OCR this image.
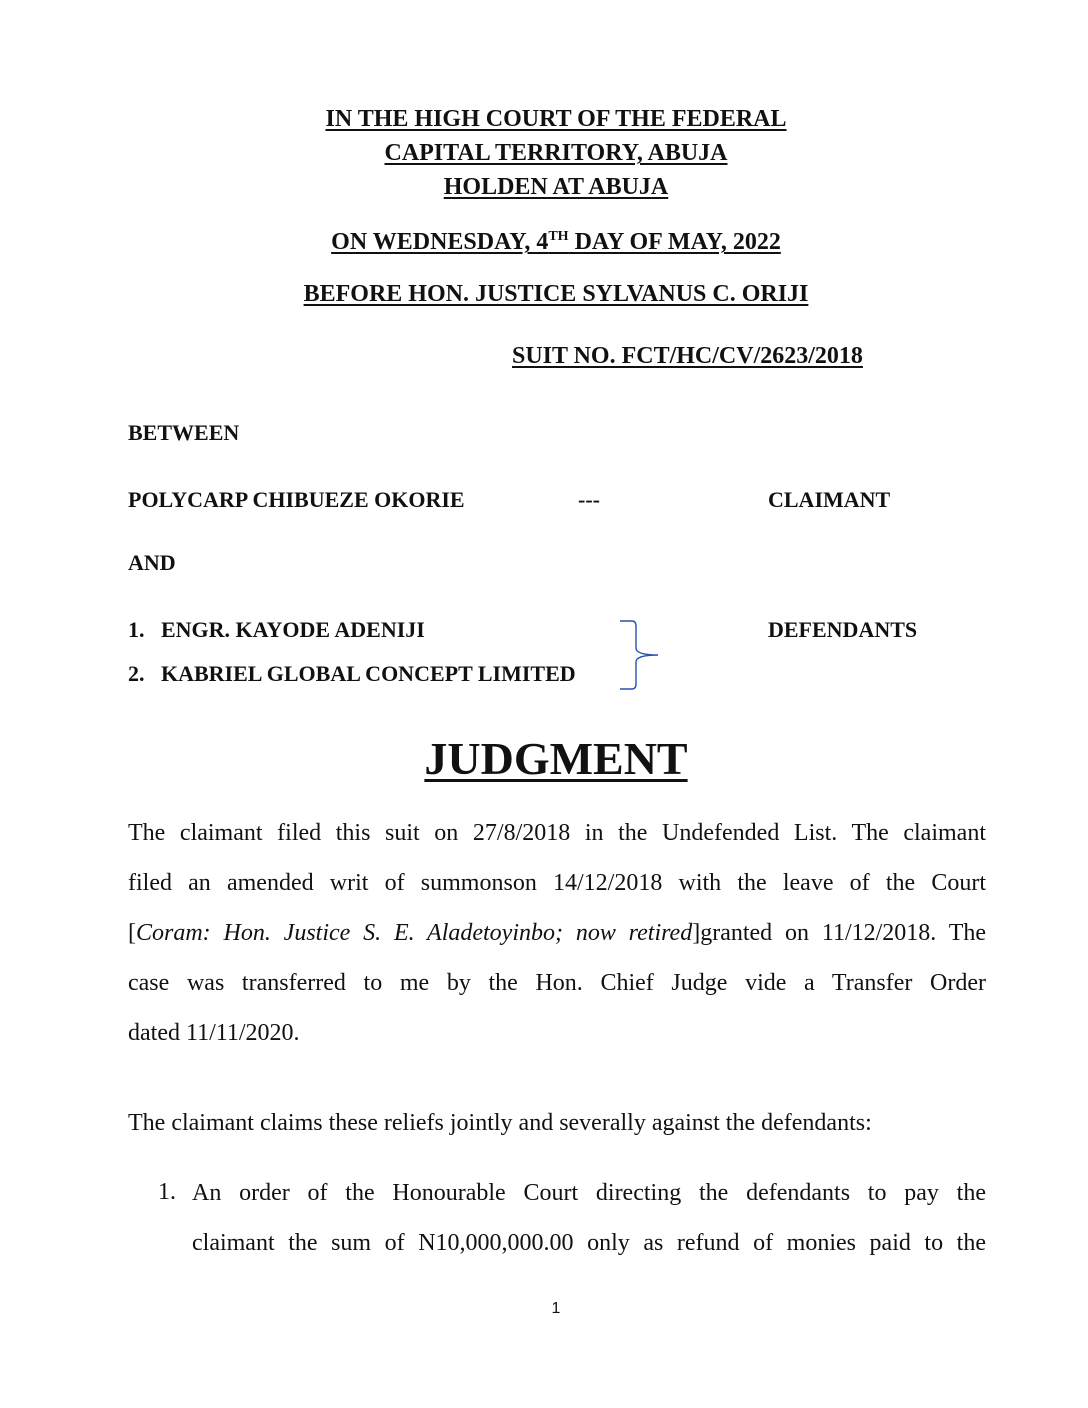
IN THE HIGH COURT OF THE FEDERAL
CAPITAL TERRITORY, ABUJA
HOLDEN AT ABUJA
ON WEDNESDAY, 4TH DAY OF MAY, 2022
BEFORE HON. JUSTICE SYLVANUS C. ORIJI
SUIT NO. FCT/HC/CV/2623/2018
BETWEEN
POLYCARP CHIBUEZE OKORIE	---	CLAIMANT
AND
1. ENGR. KAYODE ADENIJI
2. KABRIEL GLOBAL CONCEPT LIMITED
DEFENDANTS
JUDGMENT
The claimant filed this suit on 27/8/2018 in the Undefended List. The claimant
filed an amended writ of summonson 14/12/2018 with the leave of the Court
[Coram: Hon. Justice S. E. Aladetoyinbo; now retired]granted on 11/12/2018. The
case was transferred to me by the Hon. Chief Judge vide a Transfer Order
dated 11/11/2020.
The claimant claims these reliefs jointly and severally against the defendants:
1. An order of the Honourable Court directing the defendants to pay the
claimant the sum of N10,000,000.00 only as refund of monies paid to the
1
